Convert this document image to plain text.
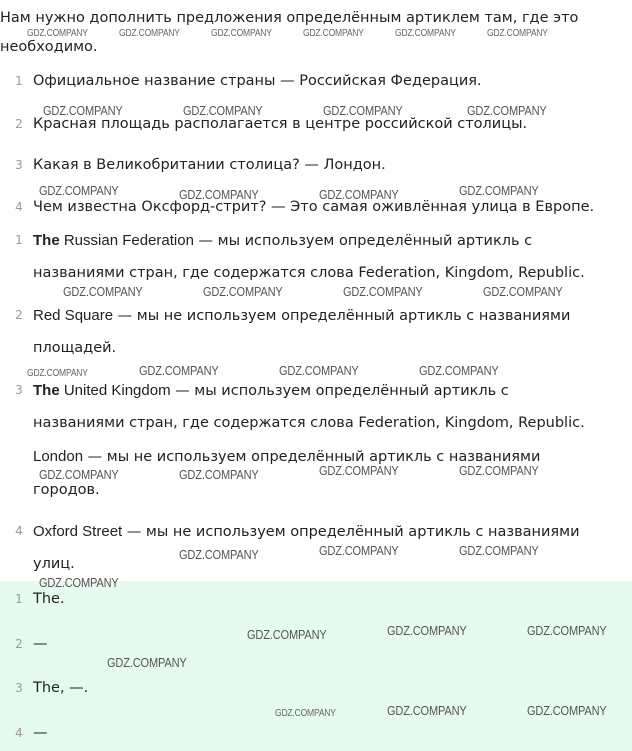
Нам нужно дополнить предложения определённым артиклем там, где это необходимо.
1 Официальное название страны — Российская Федерация.
2 Красная площадь располагается в центре российской столицы.
3 Какая в Великобритании столица? — Лондон.
4 Чем известна Оксфорд-стрит? — Это самая оживлённая улица в Европе.
1 The Russian Federation — мы используем определённый артикль с
названиями стран, где содержатся слова Federation, Kingdom, Republic.
2 Red Square — мы не используем определённый артикль с названиями
площадей.
3 The United Kingdom — мы используем определённый артикль с
названиями стран, где содержатся слова Federation, Kingdom, Republic.
London — мы не используем определённый артикль с названиями
городов.
4 Oxford Street — мы не используем определённый артикль с названиями
улиц.
1 The.
2 —
3 The, —.
4 —
GDZ.COMPANY	GDZ.COMPANY	GDZ.COMPANY	GDZ.COMPANY	GDZ.COMPANY	GDZ.COMPANY
GDZ.COMPANY	GDZ.COMPANY	GDZ.COMPANY	GDZ.COMPANY
GDZ.COMPANY	GDZ.COMPANY	GDZ.COMPANY	GDZ.COMPANY
GDZ.COMPANY	GDZ.COMPANY	GDZ.COMPANY	GDZ.COMPANY
GDZ.COMPANY	GDZ.COMPANY	GDZ.COMPANY	GDZ.COMPANY
GDZ.COMPANY	GDZ.COMPANY	GDZ.COMPANY	GDZ.COMPANY
GDZ.COMPANY	GDZ.COMPANY	GDZ.COMPANY
GDZ.COMPANY
GDZ.COMPANY	GDZ.COMPANY	GDZ.COMPANY
GDZ.COMPANY
GDZ.COMPANY	GDZ.COMPANY	GDZ.COMPANY
